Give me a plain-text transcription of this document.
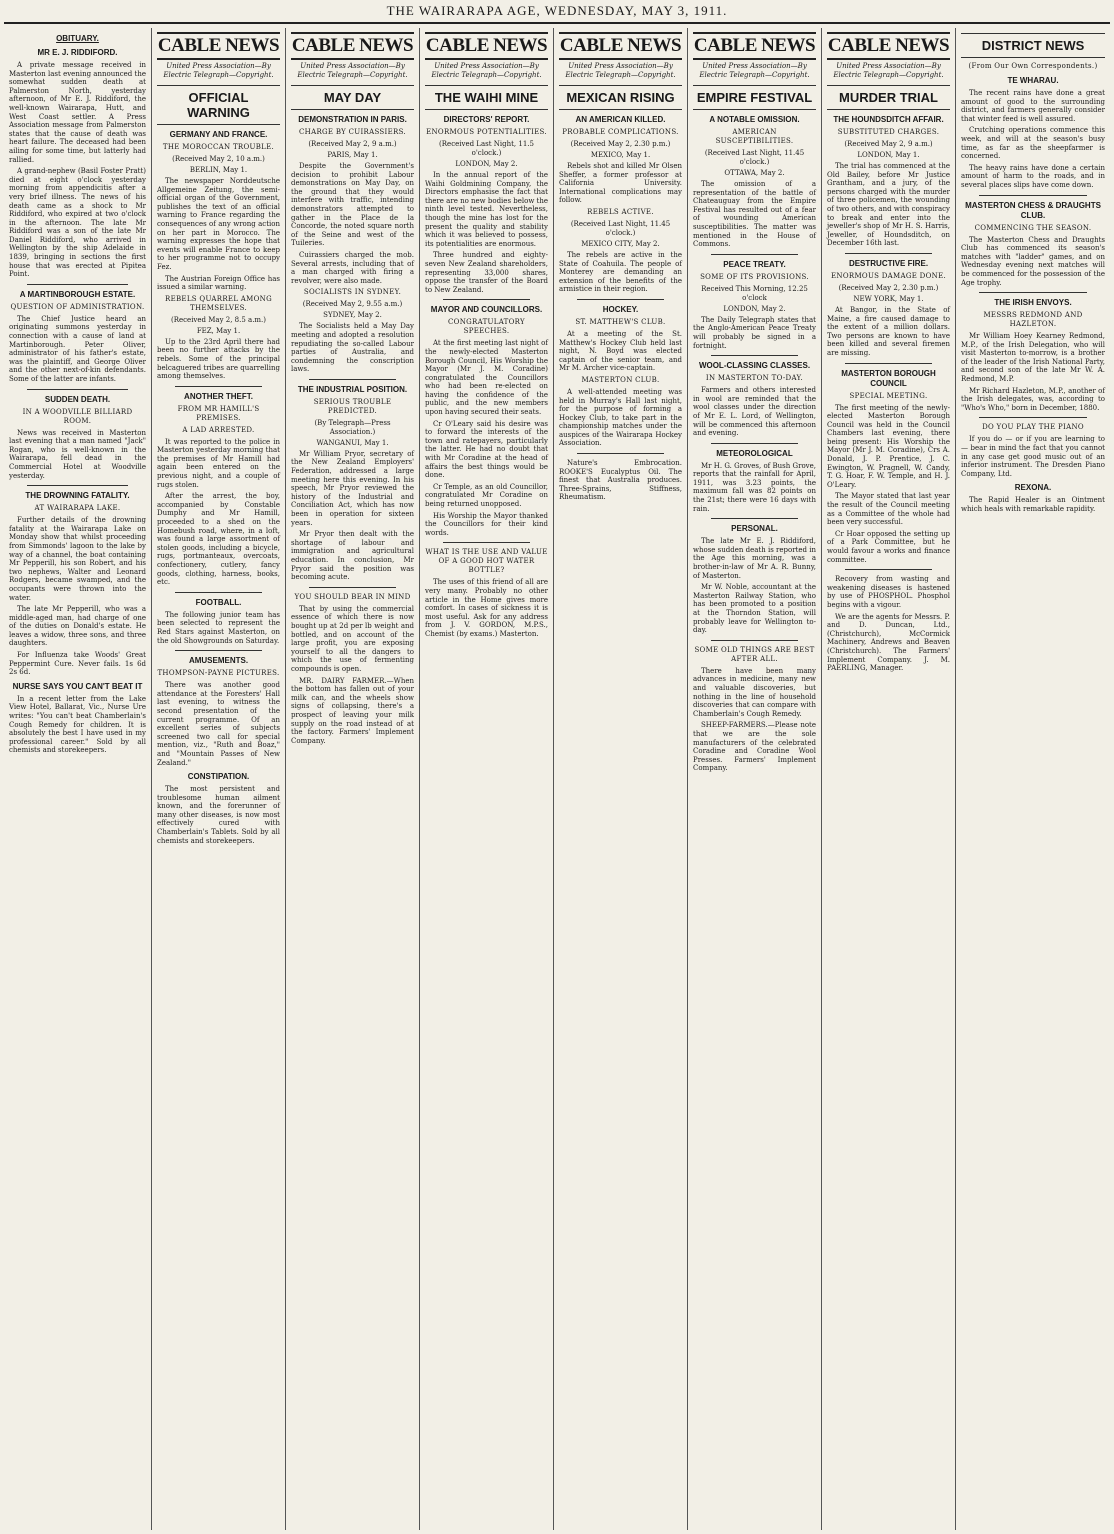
THE WAIRARAPA AGE, WEDNESDAY, MAY 3, 1911.
OBITUARY.
MR E. J. RIDDIFORD.
A private message received in Masterton last evening announced the somewhat sudden death at Palmerston North, yesterday afternoon, of Mr E. J. Riddiford, the well-known Wairarapa, Hutt, and West Coast settler. A Press Association message from Palmerston states that the cause of death was heart failure. The deceased had been ailing for some time, but latterly had rallied.
A grand-nephew (Basil Foster Pratt) died at eight o'clock yesterday morning from appendicitis after a very brief illness. The news of his death came as a shock to Mr Riddiford, who expired at two o'clock in the afternoon. The late Mr Riddiford was a son of the late Mr Daniel Riddiford, who arrived in Wellington by the ship Adelaide in 1839, bringing in sections the first house that was erected at Pipitea Point.
A MARTINBOROUGH ESTATE.
QUESTION OF ADMINISTRATION.
The Chief Justice heard an originating summons yesterday in connection with a cause of land at Martinborough. Peter Oliver, administrator of his father's estate, was the plaintiff, and George Oliver and the other next-of-kin defendants. Some of the latter are infants.
SUDDEN DEATH.
IN A WOODVILLE BILLIARD ROOM.
News was received in Masterton last evening that a man named "Jack" Rogan, who is well-known in the Wairarapa, fell dead in the Commercial Hotel at Woodville yesterday.
THE DROWNING FATALITY.
AT WAIRARAPA LAKE.
Further details of the drowning fatality at the Wairarapa Lake on Monday show that whilst proceeding from Simmonds' lagoon to the lake by way of a channel, the boat containing Mr Pepperill, his son Robert, and his two nephews, Walter and Leonard Rodgers, became swamped, and the occupants were thrown into the water.
The late Mr Pepperill, who was a middle-aged man, had charge of one of the duties on Donald's estate. He leaves a widow, three sons, and three daughters.
For Influenza take Woods' Great Peppermint Cure. Never fails. 1s 6d 2s 6d.
NURSE SAYS YOU CAN'T BEAT IT
In a recent letter from the Lake View Hotel, Ballarat, Vic., Nurse Ure writes: "You can't beat Chamberlain's Cough Remedy for children. It is absolutely the best I have used in my professional career." Sold by all chemists and storekeepers.
CABLE NEWS
United Press Association—By Electric Telegraph—Copyright.
OFFICIAL WARNING
GERMANY AND FRANCE.
THE MOROCCAN TROUBLE.
(Received May 2, 10 a.m.)
BERLIN, May 1.
The newspaper Norddeutsche Allgemeine Zeitung, the semi-official organ of the Government, publishes the text of an official warning to France regarding the consequences of any wrong action on her part in Morocco. The warning expresses the hope that events will enable France to keep to her programme not to occupy Fez.
The Austrian Foreign Office has issued a similar warning.
REBELS QUARREL AMONG THEMSELVES.
(Received May 2, 8.5 a.m.)
FEZ, May 1.
Up to the 23rd April there had been no further attacks by the rebels. Some of the principal belcaguered tribes are quarrelling among themselves.
ANOTHER THEFT.
FROM MR HAMILL'S PREMISES.
A LAD ARRESTED.
It was reported to the police in Masterton yesterday morning that the premises of Mr Hamill had again been entered on the previous night, and a couple of rugs stolen.
After the arrest, the boy, accompanied by Constable Dumphy and Mr Hamill, proceeded to a shed on the Homebush road, where, in a loft, was found a large assortment of stolen goods, including a bicycle, rugs, portmanteaux, overcoats, confectionery, cutlery, fancy goods, clothing, harness, books, etc.
FOOTBALL.
The following junior team has been selected to represent the Red Stars against Masterton, on the old Showgrounds on Saturday.
AMUSEMENTS.
THOMPSON-PAYNE PICTURES.
There was another good attendance at the Foresters' Hall last evening, to witness the second presentation of the current programme. Of an excellent series of subjects screened two call for special mention, viz., "Ruth and Boaz," and "Mountain Passes of New Zealand."
CONSTIPATION.
The most persistent and troublesome human ailment known, and the forerunner of many other diseases, is now most effectively cured with Chamberlain's Tablets. Sold by all chemists and storekeepers.
CABLE NEWS
United Press Association—By Electric Telegraph—Copyright.
MAY DAY
DEMONSTRATION IN PARIS.
CHARGE BY CUIRASSIERS.
(Received May 2, 9 a.m.)
PARIS, May 1.
Despite the Government's decision to prohibit Labour demonstrations on May Day, on the ground that they would interfere with traffic, intending demonstrators attempted to gather in the Place de la Concorde, the noted square north of the Seine and west of the Tuileries.
Cuirassiers charged the mob. Several arrests, including that of a man charged with firing a revolver, were also made.
SOCIALISTS IN SYDNEY.
(Received May 2, 9.55 a.m.)
SYDNEY, May 2.
The Socialists held a May Day meeting and adopted a resolution repudiating the so-called Labour parties of Australia, and condemning the conscription laws.
THE INDUSTRIAL POSITION.
SERIOUS TROUBLE PREDICTED.
(By Telegraph—Press Association.)
WANGANUI, May 1.
Mr William Pryor, secretary of the New Zealand Employers' Federation, addressed a large meeting here this evening. In his speech, Mr Pryor reviewed the history of the Industrial and Conciliation Act, which has now been in operation for sixteen years.
Mr Pryor then dealt with the shortage of labour and immigration and agricultural education. In conclusion, Mr Pryor said the position was becoming acute.
YOU SHOULD BEAR IN MIND
That by using the commercial essence of which there is now bought up at 2d per lb weight and bottled, and on account of the large profit, you are exposing yourself to all the dangers to which the use of fermenting compounds is open.
MR. DAIRY FARMER.—When the bottom has fallen out of your milk can, and the wheels show signs of collapsing, there's a prospect of leaving your milk supply on the road instead of at the factory. Farmers' Implement Company.
CABLE NEWS
United Press Association—By Electric Telegraph—Copyright.
THE WAIHI MINE
DIRECTORS' REPORT.
ENORMOUS POTENTIALITIES.
(Received Last Night, 11.5 o'clock.)
LONDON, May 2.
In the annual report of the Waihi Goldmining Company, the Directors emphasise the fact that there are no new bodies below the ninth level tested. Nevertheless, though the mine has lost for the present the quality and stability which it was believed to possess, its potentialities are enormous.
Three hundred and eighty-seven New Zealand shareholders, representing 33,000 shares, oppose the transfer of the Board to New Zealand.
MAYOR AND COUNCILLORS.
CONGRATULATORY SPEECHES.
At the first meeting last night of the newly-elected Masterton Borough Council, His Worship the Mayor (Mr J. M. Coradine) congratulated the Councillors who had been re-elected on having the confidence of the public, and the new members upon having secured their seats.
Cr O'Leary said his desire was to forward the interests of the town and ratepayers, particularly the latter. He had no doubt that with Mr Coradine at the head of affairs the best things would be done.
Cr Temple, as an old Councillor, congratulated Mr Coradine on being returned unopposed.
His Worship the Mayor thanked the Councillors for their kind words.
WHAT IS THE USE AND VALUE OF A GOOD HOT WATER BOTTLE?
The uses of this friend of all are very many. Probably no other article in the Home gives more comfort. In cases of sickness it is most useful. Ask for any address from J. V. GORDON, M.P.S., Chemist (by exams.) Masterton.
CABLE NEWS
United Press Association—By Electric Telegraph—Copyright.
MEXICAN RISING
AN AMERICAN KILLED.
PROBABLE COMPLICATIONS.
(Received May 2, 2.30 p.m.)
MEXICO, May 1.
Rebels shot and killed Mr Olsen Sheffer, a former professor at California University. International complications may follow.
REBELS ACTIVE.
(Received Last Night, 11.45 o'clock.)
MEXICO CITY, May 2.
The rebels are active in the State of Coahuila. The people of Monterey are demanding an extension of the benefits of the armistice in their region.
HOCKEY.
ST. MATTHEW'S CLUB.
At a meeting of the St. Matthew's Hockey Club held last night, N. Boyd was elected captain of the senior team, and Mr M. Archer vice-captain.
MASTERTON CLUB.
A well-attended meeting was held in Murray's Hall last night, for the purpose of forming a Hockey Club, to take part in the championship matches under the auspices of the Wairarapa Hockey Association.
Nature's Embrocation. ROOKE'S Eucalyptus Oil. The finest that Australia produces. Three-Sprains, Stiffness, Rheumatism.
CABLE NEWS
United Press Association—By Electric Telegraph—Copyright.
EMPIRE FESTIVAL
A NOTABLE OMISSION.
AMERICAN SUSCEPTIBILITIES.
(Received Last Night, 11.45 o'clock.)
OTTAWA, May 2.
The omission of a representation of the battle of Chateauguay from the Empire Festival has resulted out of a fear of wounding American susceptibilities. The matter was mentioned in the House of Commons.
PEACE TREATY.
SOME OF ITS PROVISIONS.
Received This Morning, 12.25 o'clock
LONDON, May 2.
The Daily Telegraph states that the Anglo-American Peace Treaty will probably be signed in a fortnight.
WOOL-CLASSING CLASSES.
IN MASTERTON TO-DAY.
Farmers and others interested in wool are reminded that the wool classes under the direction of Mr E. L. Lord, of Wellington, will be commenced this afternoon and evening.
METEOROLOGICAL
Mr H. G. Groves, of Bush Grove, reports that the rainfall for April, 1911, was 3.23 points, the maximum fall was 82 points on the 21st; there were 16 days with rain.
PERSONAL.
The late Mr E. J. Riddiford, whose sudden death is reported in the Age this morning, was a brother-in-law of Mr A. R. Bunny, of Masterton.
Mr W. Noble, accountant at the Masterton Railway Station, who has been promoted to a position at the Thorndon Station, will probably leave for Wellington to-day.
SOME OLD THINGS ARE BEST AFTER ALL.
There have been many advances in medicine, many new and valuable discoveries, but nothing in the line of household discoveries that can compare with Chamberlain's Cough Remedy.
SHEEP-FARMERS.—Please note that we are the sole manufacturers of the celebrated Coradine and Coradine Wool Presses. Farmers' Implement Company.
CABLE NEWS
United Press Association—By Electric Telegraph—Copyright.
MURDER TRIAL
THE HOUNDSDITCH AFFAIR.
SUBSTITUTED CHARGES.
(Received May 2, 9 a.m.)
LONDON, May 1.
The trial has commenced at the Old Bailey, before Mr Justice Grantham, and a jury, of the persons charged with the murder of three policemen, the wounding of two others, and with conspiracy to break and enter into the jeweller's shop of Mr H. S. Harris, Jeweller, of Houndsditch, on December 16th last.
DESTRUCTIVE FIRE.
ENORMOUS DAMAGE DONE.
(Received May 2, 2.30 p.m.)
NEW YORK, May 1.
At Bangor, in the State of Maine, a fire caused damage to the extent of a million dollars. Two persons are known to have been killed and several firemen are missing.
MASTERTON BOROUGH COUNCIL
SPECIAL MEETING.
The first meeting of the newly-elected Masterton Borough Council was held in the Council Chambers last evening, there being present: His Worship the Mayor (Mr J. M. Coradine), Crs A. Donald, J. P. Prentice, J. C. Ewington, W. Pragnell, W. Candy, T. G. Hoar, F. W. Temple, and H. J. O'Leary.
The Mayor stated that last year the result of the Council meeting as a Committee of the whole had been very successful.
Cr Hoar opposed the setting up of a Park Committee, but he would favour a works and finance committee.
Recovery from wasting and weakening diseases is hastened by use of PHOSPHOL. Phosphol begins with a vigour.
We are the agents for Messrs. P. and D. Duncan, Ltd., (Christchurch), McCormick Machinery, Andrews and Beaven (Christchurch). The Farmers' Implement Company. J. M. PAERLING, Manager.
DISTRICT NEWS
(From Our Own Correspondents.)
TE WHARAU.
The recent rains have done a great amount of good to the surrounding district, and farmers generally consider that winter feed is well assured.
Crutching operations commence this week, and will at the season's busy time, as far as the sheepfarmer is concerned.
The heavy rains have done a certain amount of harm to the roads, and in several places slips have come down.
MASTERTON CHESS & DRAUGHTS CLUB.
COMMENCING THE SEASON.
The Masterton Chess and Draughts Club has commenced its season's matches with "ladder" games, and on Wednesday evening next matches will be commenced for the possession of the Age trophy.
THE IRISH ENVOYS.
MESSRS REDMOND AND HAZLETON.
Mr William Hoey Kearney Redmond, M.P., of the Irish Delegation, who will visit Masterton to-morrow, is a brother of the leader of the Irish National Party, and second son of the late Mr W. A. Redmond, M.P.
Mr Richard Hazleton, M.P., another of the Irish delegates, was, according to "Who's Who," born in December, 1880.
DO YOU PLAY THE PIANO
If you do — or if you are learning to — bear in mind the fact that you cannot in any case get good music out of an inferior instrument. The Dresden Piano Company, Ltd.
REXONA.
The Rapid Healer is an Ointment which heals with remarkable rapidity.
